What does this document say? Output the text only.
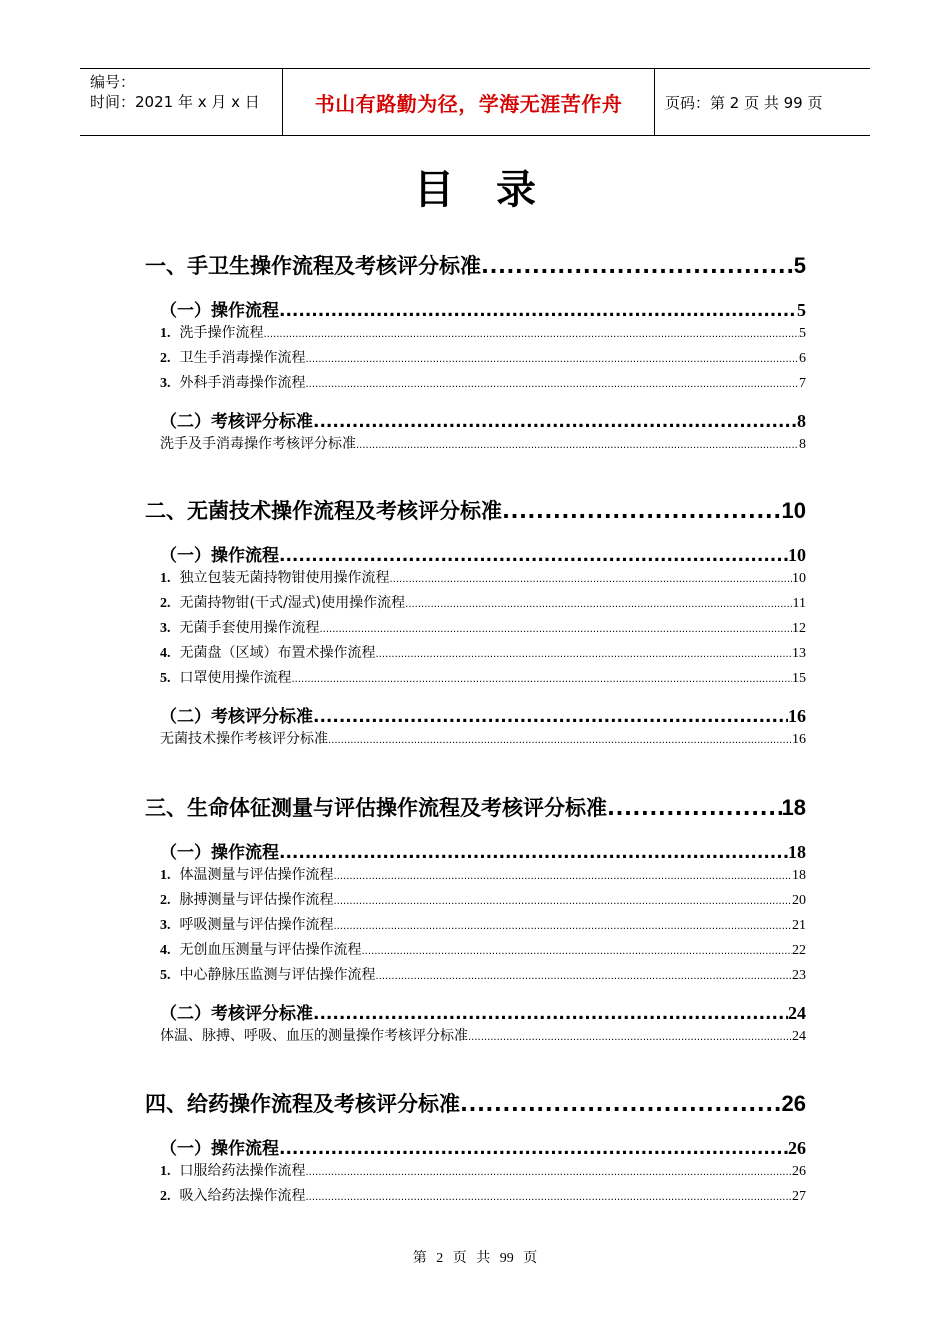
编号：
时间：2021 年 x 月 x 日	书山有路勤为径，学海无涯苦作舟	页码：第 2 页 共 99 页
目录
一、手卫生操作流程及考核评分标准 .....	5
（一）操作流程 .....	5
1. 洗手操作流程 .....	5
2. 卫生手消毒操作流程 .....	6
3. 外科手消毒操作流程 .....	7
（二）考核评分标准 .....	8
洗手及手消毒操作考核评分标准 .....	8
二、无菌技术操作流程及考核评分标准 .....	10
（一）操作流程 .....	10
1. 独立包装无菌持物钳使用操作流程 .....	10
2. 无菌持物钳(干式/湿式)使用操作流程 .....	11
3. 无菌手套使用操作流程 .....	12
4. 无菌盘（区域）布置术操作流程 .....	13
5. 口罩使用操作流程 .....	15
（二）考核评分标准 .....	16
无菌技术操作考核评分标准 .....	16
三、生命体征测量与评估操作流程及考核评分标准 .....	18
（一）操作流程 .....	18
1. 体温测量与评估操作流程 .....	18
2. 脉搏测量与评估操作流程 .....	20
3. 呼吸测量与评估操作流程 .....	21
4. 无创血压测量与评估操作流程 .....	22
5. 中心静脉压监测与评估操作流程 .....	23
（二）考核评分标准 .....	24
体温、脉搏、呼吸、血压的测量操作考核评分标准 .....	24
四、给药操作流程及考核评分标准 .....	26
（一）操作流程 .....	26
1. 口服给药法操作流程 .....	26
2. 吸入给药法操作流程 .....	27
第 2 页 共 99 页
